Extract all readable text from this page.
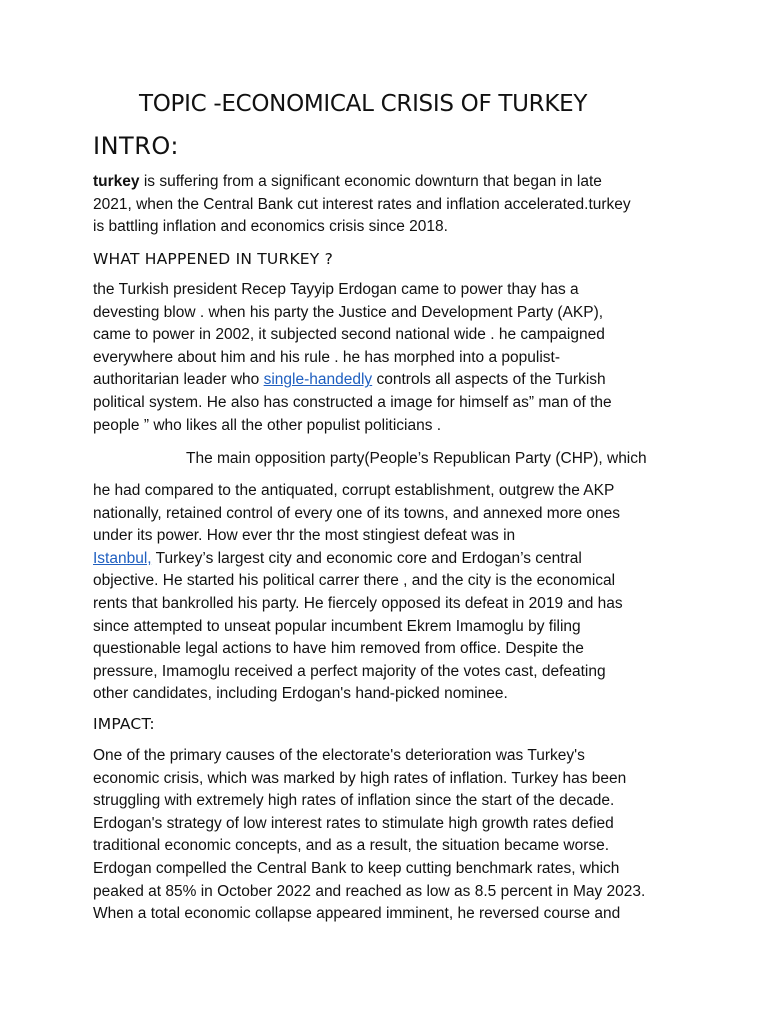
TOPIC -ECONOMICAL CRISIS OF TURKEY
INTRO:
turkey is suffering from a significant economic downturn that began in late
2021, when the Central Bank cut interest rates and inflation accelerated.turkey
is battling inflation and economics crisis since 2018.
WHAT HAPPENED IN TURKEY ?
the Turkish president Recep Tayyip Erdogan came to power thay has a
devesting blow . when his party the Justice and Development Party (AKP),
came to power in 2002, it subjected second national wide . he campaigned
everywhere about him and his rule . he has morphed into a populist-
authoritarian leader who single-handedly controls all aspects of the Turkish
political system. He also has constructed a image for himself as” man of the
people ” who likes all the other populist politicians .
The main opposition party(People’s Republican Party (CHP), which
he had compared to the antiquated, corrupt establishment, outgrew the AKP
nationally, retained control of every one of its towns, and annexed more ones
under its power. How ever thr the most stingiest defeat was in
Istanbul, Turkey’s largest city and economic core and Erdogan’s central
objective. He started his political carrer there , and the city is the economical
rents that bankrolled his party. He fiercely opposed its defeat in 2019 and has
since attempted to unseat popular incumbent Ekrem Imamoglu by filing
questionable legal actions to have him removed from office. Despite the
pressure, Imamoglu received a perfect majority of the votes cast, defeating
other candidates, including Erdogan's hand-picked nominee.
IMPACT:
One of the primary causes of the electorate's deterioration was Turkey's
economic crisis, which was marked by high rates of inflation. Turkey has been
struggling with extremely high rates of inflation since the start of the decade.
Erdogan's strategy of low interest rates to stimulate high growth rates defied
traditional economic concepts, and as a result, the situation became worse.
Erdogan compelled the Central Bank to keep cutting benchmark rates, which
peaked at 85% in October 2022 and reached as low as 8.5 percent in May 2023.
When a total economic collapse appeared imminent, he reversed course and
